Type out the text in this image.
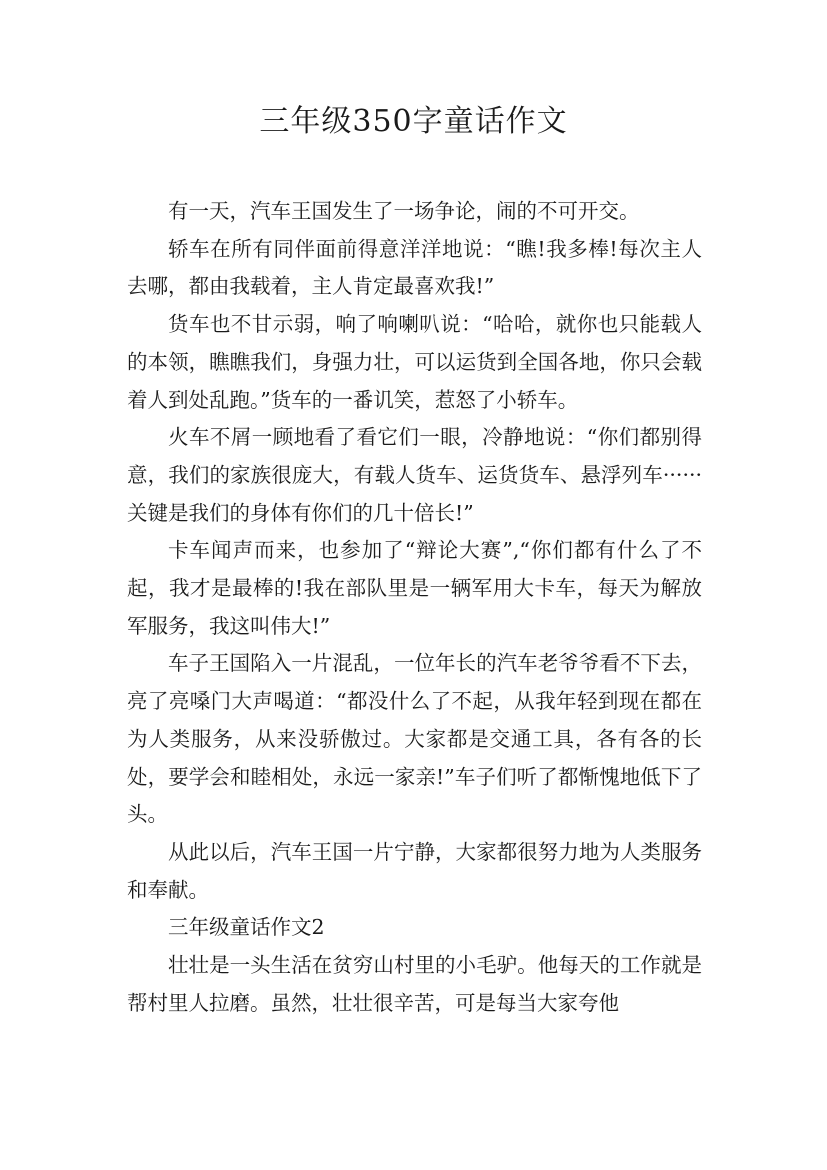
三年级350字童话作文

有一天，汽车王国发生了一场争论，闹的不可开交。

轿车在所有同伴面前得意洋洋地说：“瞧!我多棒!每次主人去哪，都由我载着，主人肯定最喜欢我!”

货车也不甘示弱，响了响喇叭说：“哈哈，就你也只能载人的本领，瞧瞧我们，身强力壮，可以运货到全国各地，你只会载着人到处乱跑。”货车的一番讥笑，惹怒了小轿车。

火车不屑一顾地看了看它们一眼，冷静地说：“你们都别得意，我们的家族很庞大，有载人货车、运货货车、悬浮列车······关键是我们的身体有你们的几十倍长!”

卡车闻声而来，也参加了“辩论大赛”,“你们都有什么了不起，我才是最棒的!我在部队里是一辆军用大卡车，每天为解放军服务，我这叫伟大!”

车子王国陷入一片混乱，一位年长的汽车老爷爷看不下去，亮了亮嗓门大声喝道：“都没什么了不起，从我年轻到现在都在为人类服务，从来没骄傲过。大家都是交通工具，各有各的长处，要学会和睦相处，永远一家亲!”车子们听了都惭愧地低下了头。

从此以后，汽车王国一片宁静，大家都很努力地为人类服务和奉献。

三年级童话作文2

壮壮是一头生活在贫穷山村里的小毛驴。他每天的工作就是帮村里人拉磨。虽然，壮壮很辛苦，可是每当大家夸他
